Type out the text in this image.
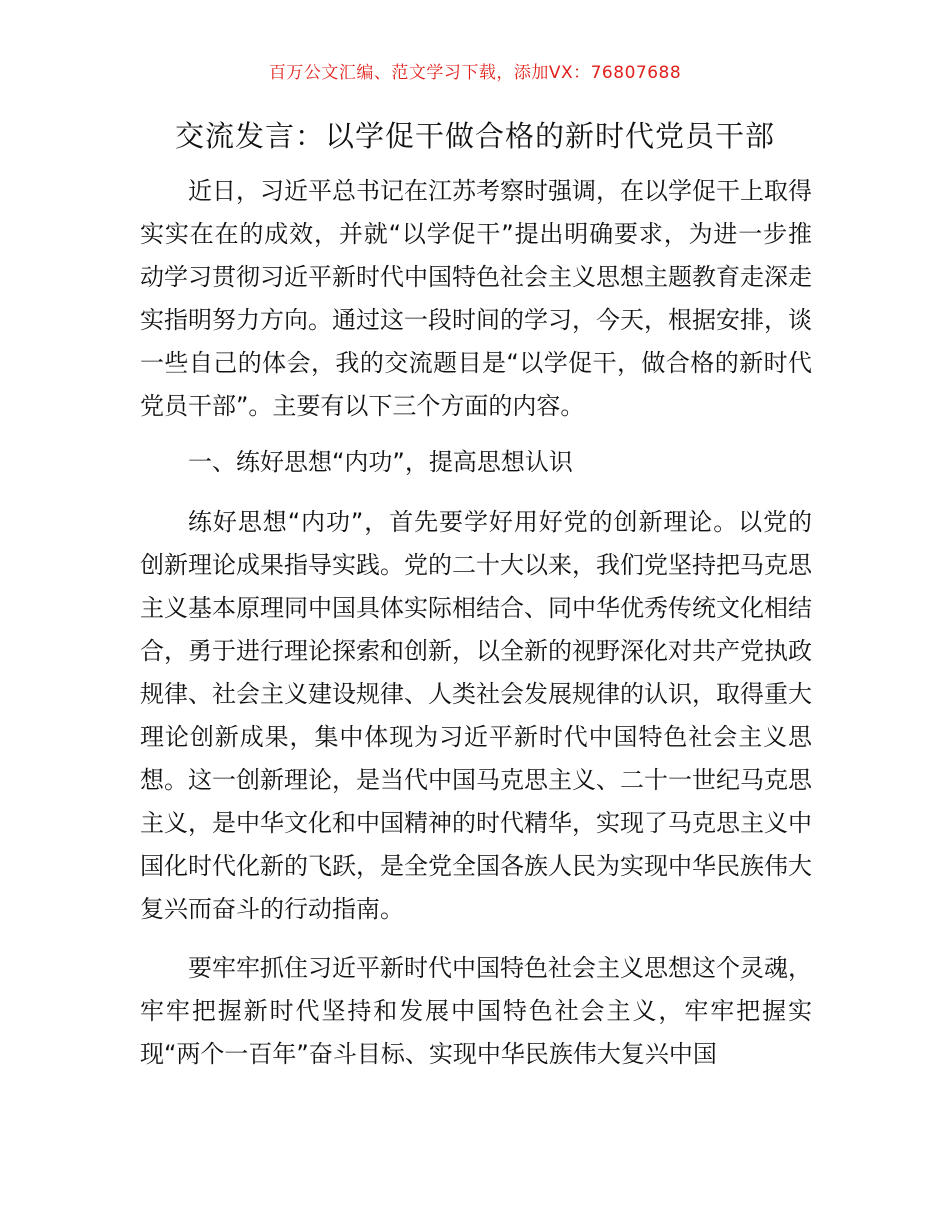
百万公文汇编、范文学习下载，添加VX：76807688
交流发言：以学促干做合格的新时代党员干部

近日，习近平总书记在江苏考察时强调，在以学促干上取得实实在在的成效，并就“以学促干”提出明确要求，为进一步推动学习贯彻习近平新时代中国特色社会主义思想主题教育走深走实指明努力方向。通过这一段时间的学习，今天，根据安排，谈一些自己的体会，我的交流题目是“以学促干，做合格的新时代党员干部”。主要有以下三个方面的内容。

一、练好思想“内功”，提高思想认识

练好思想“内功”，首先要学好用好党的创新理论。以党的创新理论成果指导实践。党的二十大以来，我们党坚持把马克思主义基本原理同中国具体实际相结合、同中华优秀传统文化相结合，勇于进行理论探索和创新，以全新的视野深化对共产党执政规律、社会主义建设规律、人类社会发展规律的认识，取得重大理论创新成果，集中体现为习近平新时代中国特色社会主义思想。这一创新理论，是当代中国马克思主义、二十一世纪马克思主义，是中华文化和中国精神的时代精华，实现了马克思主义中国化时代化新的飞跃，是全党全国各族人民为实现中华民族伟大复兴而奋斗的行动指南。

要牢牢抓住习近平新时代中国特色社会主义思想这个灵魂，牢牢把握新时代坚持和发展中国特色社会主义，牢牢把握实现“两个一百年”奋斗目标、实现中华民族伟大复兴中国
